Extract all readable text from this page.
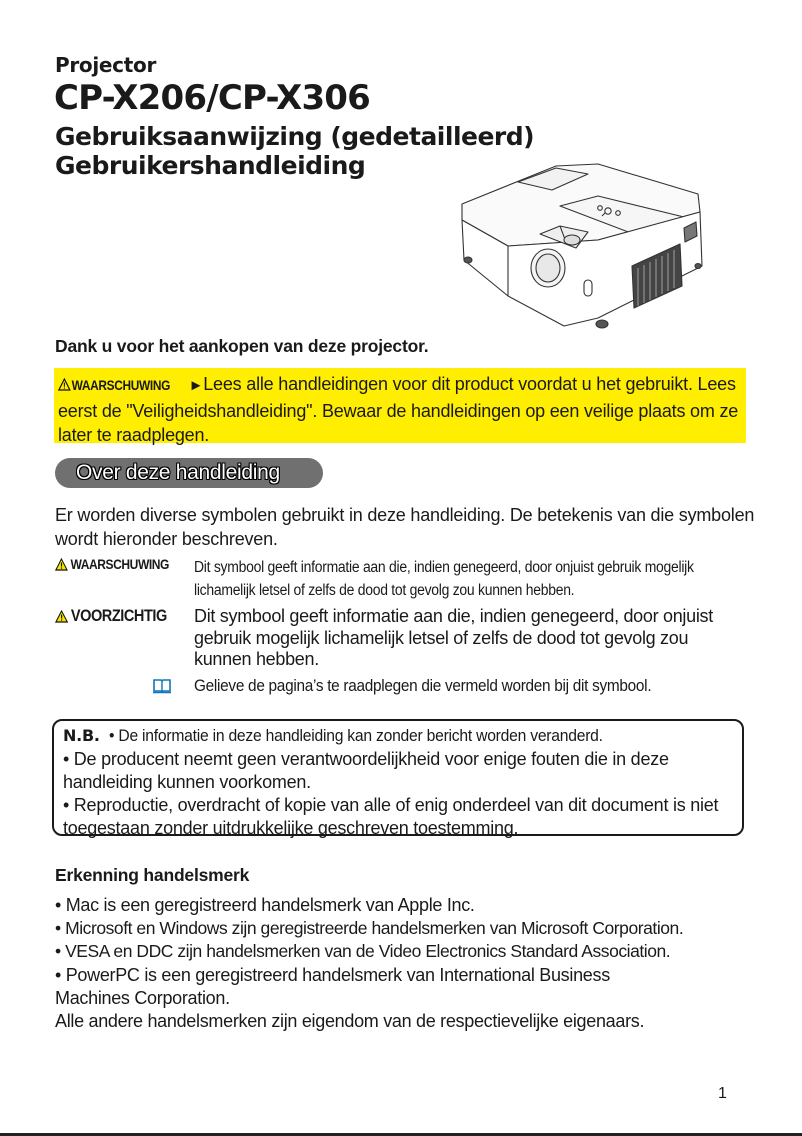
Projector
CP-X206/CP-X306
Gebruiksaanwijzing (gedetailleerd)
Gebruikershandleiding
Dank u voor het aankopen van deze projector.
WAARSCHUWING ►Lees alle handleidingen voor dit product voordat u het gebruikt. Lees eerst de "Veiligheidshandleiding". Bewaar de handleidingen op een veilige plaats om ze later te raadplegen.
Over deze handleiding
Er worden diverse symbolen gebruikt in deze handleiding. De betekenis van die symbolen wordt hieronder beschreven.
WAARSCHUWING Dit symbool geeft informatie aan die, indien genegeerd, door onjuist gebruik mogelijk lichamelijk letsel of zelfs de dood tot gevolg zou kunnen hebben.
VOORZICHTIG Dit symbool geeft informatie aan die, indien genegeerd, door onjuist gebruik mogelijk lichamelijk letsel of zelfs de dood tot gevolg zou kunnen hebben.
Gelieve de pagina’s te raadplegen die vermeld worden bij dit symbool.
N.B. • De informatie in deze handleiding kan zonder bericht worden veranderd.
• De producent neemt geen verantwoordelijkheid voor enige fouten die in deze handleiding kunnen voorkomen.
• Reproductie, overdracht of kopie van alle of enig onderdeel van dit document is niet toegestaan zonder uitdrukkelijke geschreven toestemming.
Erkenning handelsmerk
• Mac is een geregistreerd handelsmerk van Apple Inc.
• Microsoft en Windows zijn geregistreerde handelsmerken van Microsoft Corporation.
• VESA en DDC zijn handelsmerken van de Video Electronics Standard Association.
• PowerPC is een geregistreerd handelsmerk van International Business
Machines Corporation.
Alle andere handelsmerken zijn eigendom van de respectievelijke eigenaars.
1
